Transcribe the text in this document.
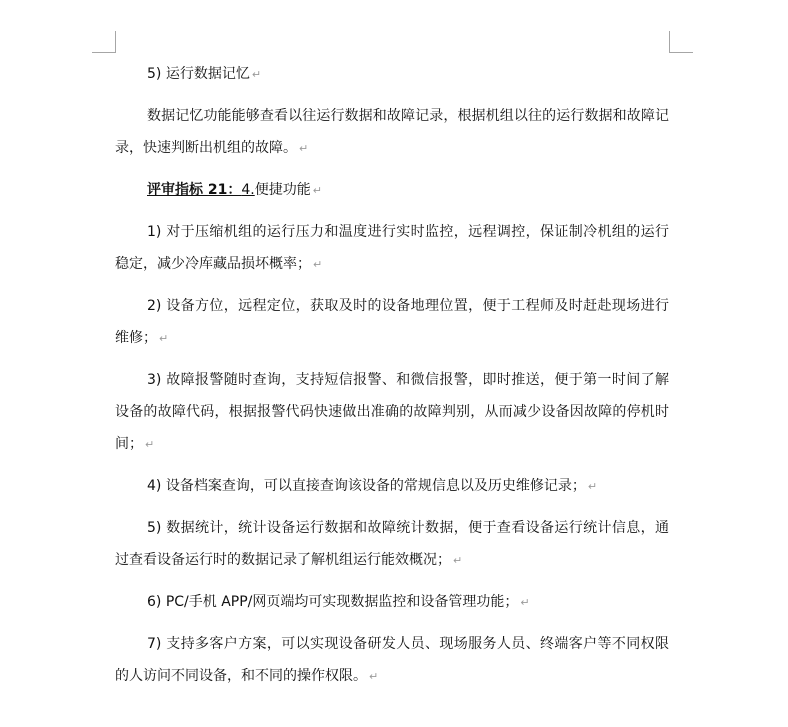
5) 运行数据记忆 ↵

数据记忆功能能够查看以往运行数据和故障记录，根据机组以往的运行数据和故障记录，快速判断出机组的故障。 ↵

评审指标 21：4.便捷功能 ↵

1) 对于压缩机组的运行压力和温度进行实时监控，远程调控，保证制冷机组的运行稳定，减少冷库藏品损坏概率； ↵

2) 设备方位，远程定位，获取及时的设备地理位置，便于工程师及时赶赴现场进行维修； ↵

3) 故障报警随时查询，支持短信报警、和微信报警，即时推送，便于第一时间了解设备的故障代码，根据报警代码快速做出准确的故障判别，从而减少设备因故障的停机时间； ↵

4) 设备档案查询，可以直接查询该设备的常规信息以及历史维修记录； ↵

5) 数据统计，统计设备运行数据和故障统计数据，便于查看设备运行统计信息，通过查看设备运行时的数据记录了解机组运行能效概况； ↵

6) PC/手机 APP/网页端均可实现数据监控和设备管理功能； ↵

7) 支持多客户方案，可以实现设备研发人员、现场服务人员、终端客户等不同权限的人访问不同设备，和不同的操作权限。 ↵
